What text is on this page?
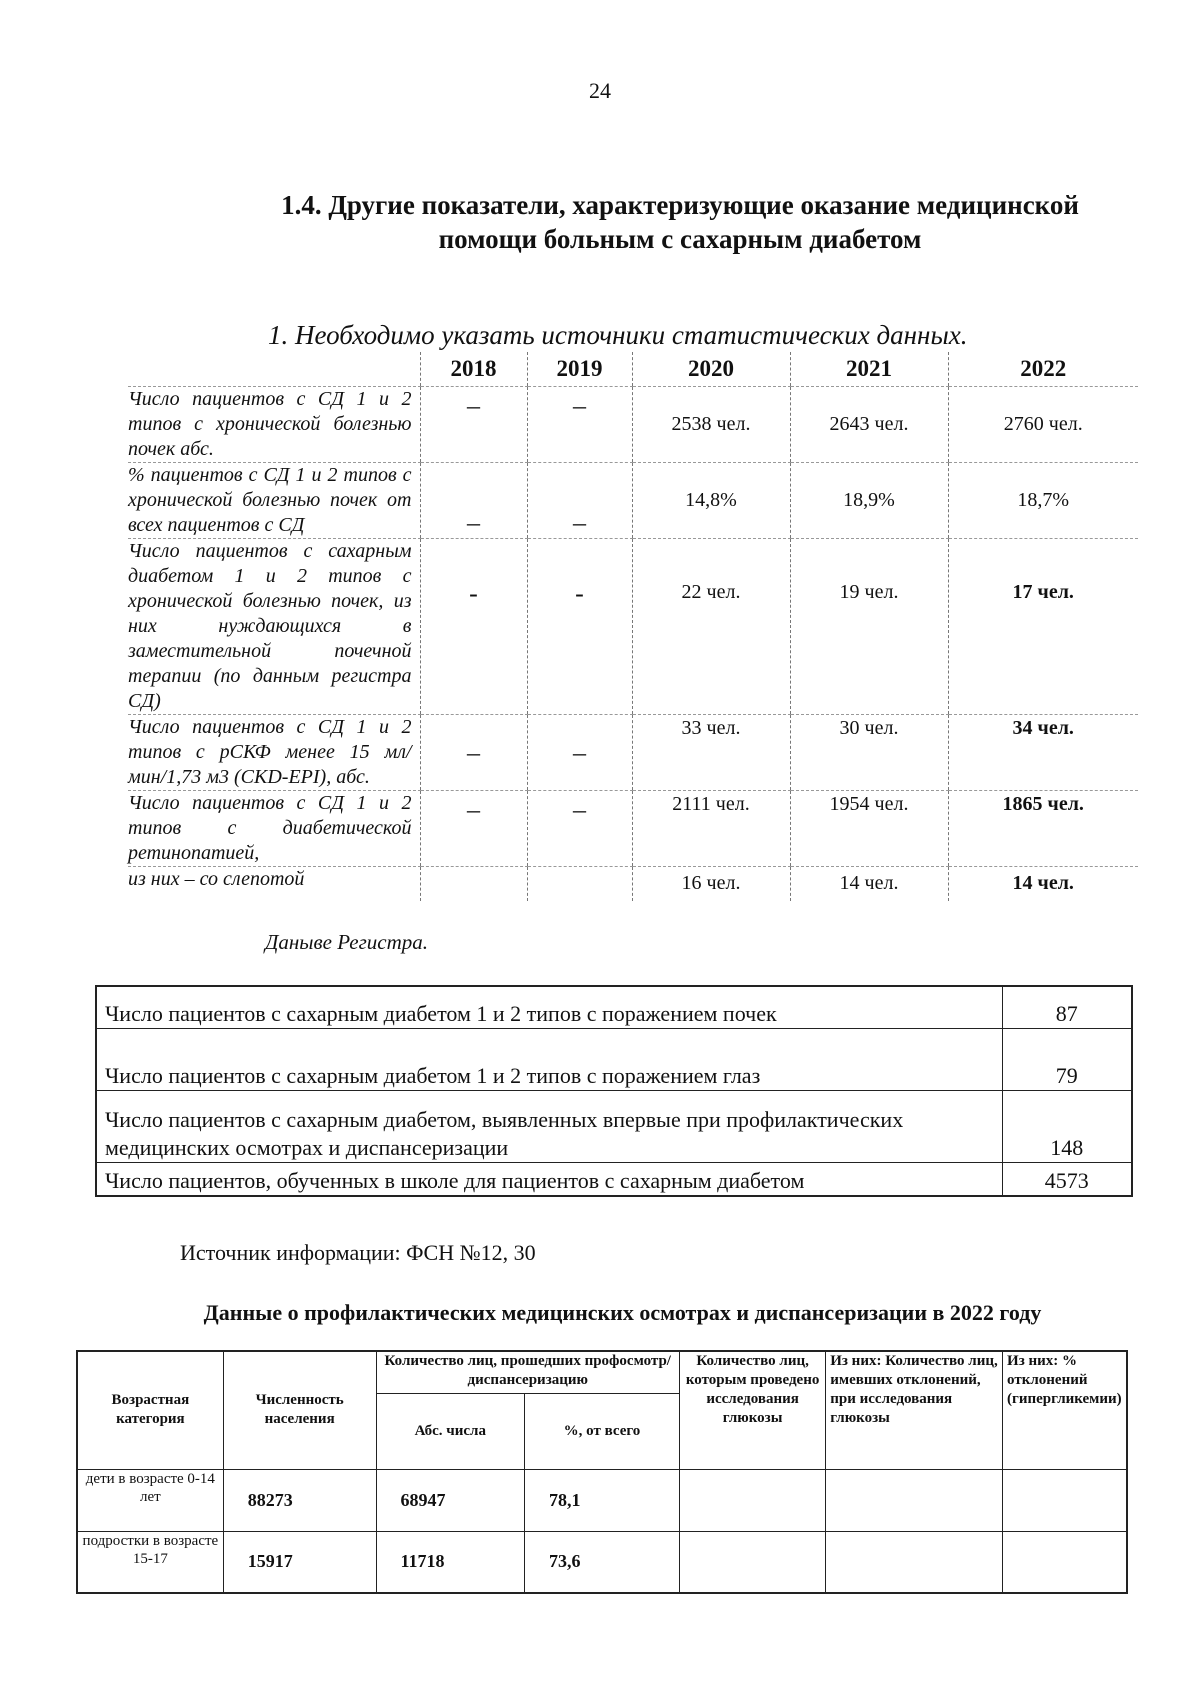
24
1.4. Другие показатели, характеризующие оказание медицинской
помощи больным с сахарным диабетом
1. Необходимо указать источники статистических данных.
	2018	2019	2020	2021	2022
Число пациентов с СД 1 и 2 типов с хронической болезнью почек абс.	–	–	2538 чел.	2643 чел.	2760 чел.
% пациентов с СД 1 и 2 типов с хронической болезнью почек от всех пациентов с СД	–	–	14,8%	18,9%	18,7%
Число пациентов с сахарным диабетом 1 и 2 типов с хронической болезнью почек, из них нуждающихся в заместительной почечной терапии (по данным регистра СД)	-	-	22 чел.	19 чел.	17 чел.
Число пациентов с СД 1 и 2 типов с рСКФ менее 15 мл/мин/1,73 м3 (CKD-EPI), абс.	–	–	33 чел.	30 чел.	34 чел.
Число пациентов с СД 1 и 2 типов с диабетической ретинопатией,	–	–	2111 чел.	1954 чел.	1865 чел.
из них – со слепотой			16 чел.	14 чел.	14 чел.
Даныве Регистра.
Число пациентов с сахарным диабетом 1 и 2 типов с поражением почек	87
Число пациентов с сахарным диабетом 1 и 2 типов с поражением глаз	79
Число пациентов с сахарным диабетом, выявленных впервые при профилактических медицинских осмотрах и диспансеризации	148
Число пациентов, обученных в школе для пациентов с сахарным диабетом	4573
Источник информации: ФСН №12, 30
Данные о профилактических медицинских осмотрах и диспансеризации в 2022 году
Возрастная категория	Численность населения	Количество лиц, прошедших профосмотр/диспансеризацию		Количество лиц, которым проведено исследования глюкозы	Из них: Количество лиц, имевших отклонений, при исследования глюкозы	Из них: % отклонений (гипергликемии)
		Абс. числа	%, от всего			
дети в возрасте 0-14 лет	88273	68947	78,1			
подростки в возрасте 15-17	15917	11718	73,6			
